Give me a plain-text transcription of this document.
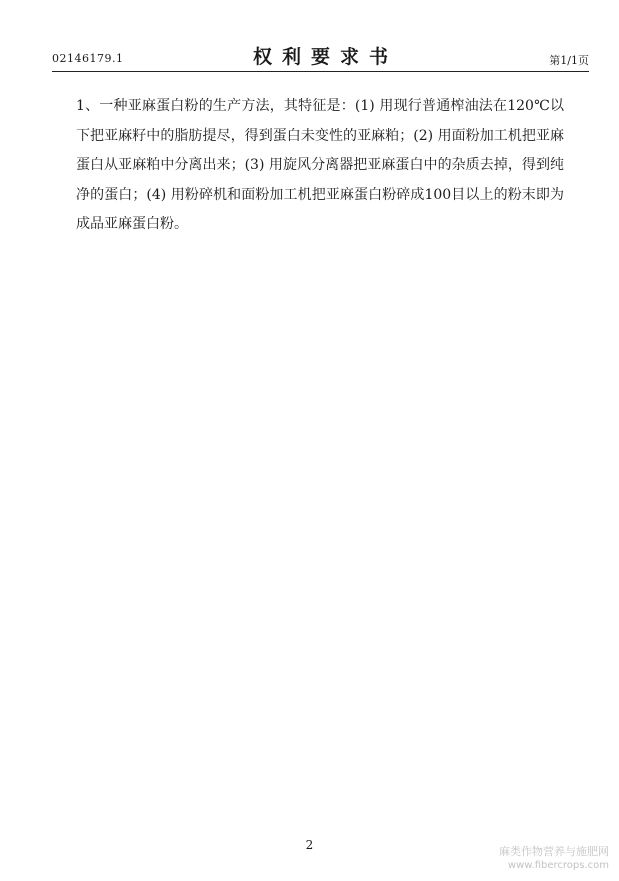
02146179.1	权利要求书	第1/1页

1、一种亚麻蛋白粉的生产方法，其特征是：(1) 用现行普通榨油法在120℃以下把亚麻籽中的脂肪提尽，得到蛋白未变性的亚麻粕；(2) 用面粉加工机把亚麻蛋白从亚麻粕中分离出来；(3) 用旋风分离器把亚麻蛋白中的杂质去掉，得到纯净的蛋白；(4) 用粉碎机和面粉加工机把亚麻蛋白粉碎成100目以上的粉末即为成品亚麻蛋白粉。

2	麻类作物营养与施肥网
www.fibercrops.com
